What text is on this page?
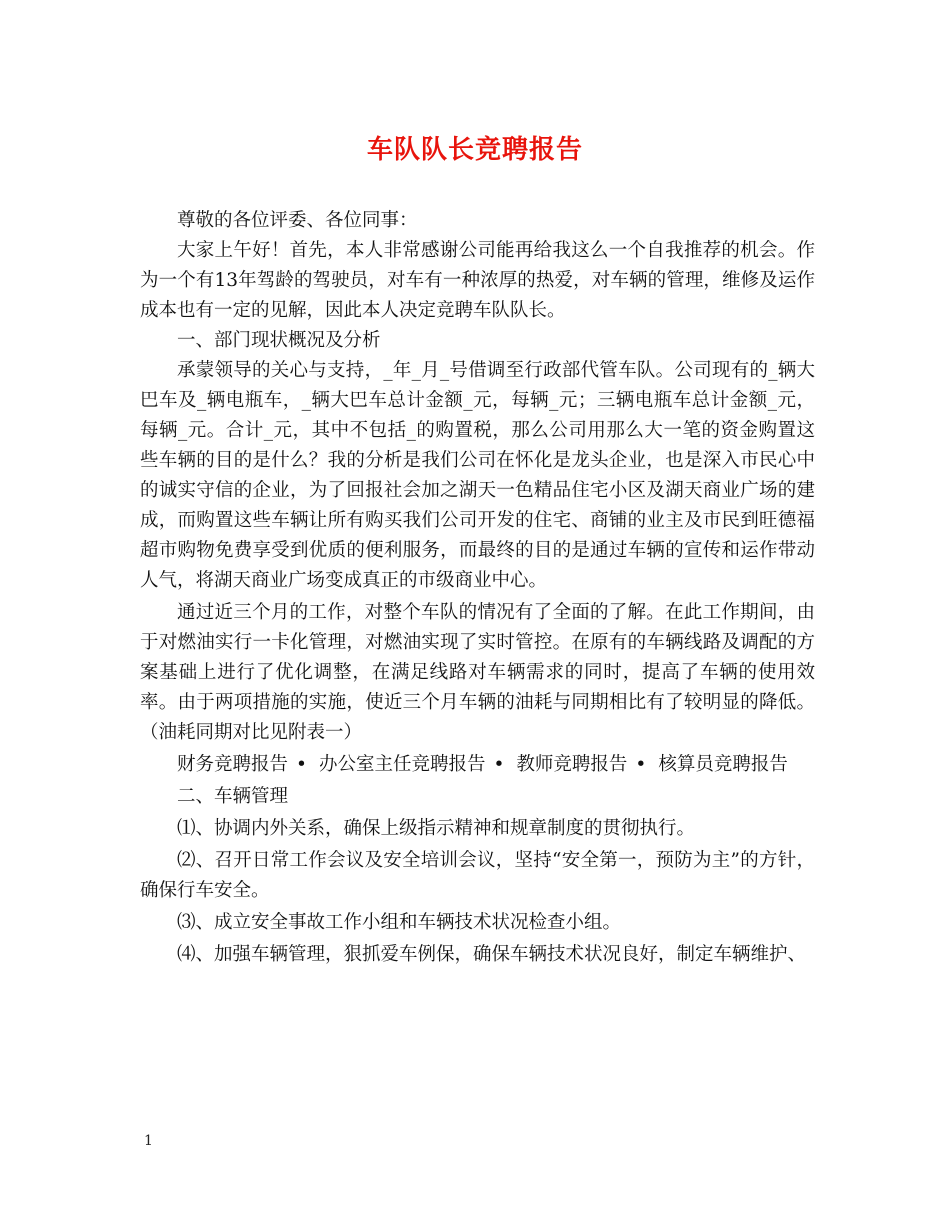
车队队长竞聘报告

尊敬的各位评委、各位同事：

大家上午好！首先，本人非常感谢公司能再给我这么一个自我推荐的机会。作为一个有13年驾龄的驾驶员，对车有一种浓厚的热爱，对车辆的管理，维修及运作成本也有一定的见解，因此本人决定竞聘车队队长。

一、部门现状概况及分析

承蒙领导的关心与支持，_年_月_号借调至行政部代管车队。公司现有的_辆大巴车及_辆电瓶车，_辆大巴车总计金额_元，每辆_元；三辆电瓶车总计金额_元，每辆_元。合计_元，其中不包括_的购置税，那么公司用那么大一笔的资金购置这些车辆的目的是什么？我的分析是我们公司在怀化是龙头企业，也是深入市民心中的诚实守信的企业，为了回报社会加之湖天一色精品住宅小区及湖天商业广场的建成，而购置这些车辆让所有购买我们公司开发的住宅、商铺的业主及市民到旺德福超市购物免费享受到优质的便利服务，而最终的目的是通过车辆的宣传和运作带动人气，将湖天商业广场变成真正的市级商业中心。

通过近三个月的工作，对整个车队的情况有了全面的了解。在此工作期间，由于对燃油实行一卡化管理，对燃油实现了实时管控。在原有的车辆线路及调配的方案基础上进行了优化调整，在满足线路对车辆需求的同时，提高了车辆的使用效率。由于两项措施的实施，使近三个月车辆的油耗与同期相比有了较明显的降低。（油耗同期对比见附表一）

财务竞聘报告 • 办公室主任竞聘报告 • 教师竞聘报告 • 核算员竞聘报告

二、车辆管理

⑴、协调内外关系，确保上级指示精神和规章制度的贯彻执行。

⑵、召开日常工作会议及安全培训会议，坚持“安全第一，预防为主”的方针，确保行车安全。

⑶、成立安全事故工作小组和车辆技术状况检查小组。

⑷、加强车辆管理，狠抓爱车例保，确保车辆技术状况良好，制定车辆维护、

1
